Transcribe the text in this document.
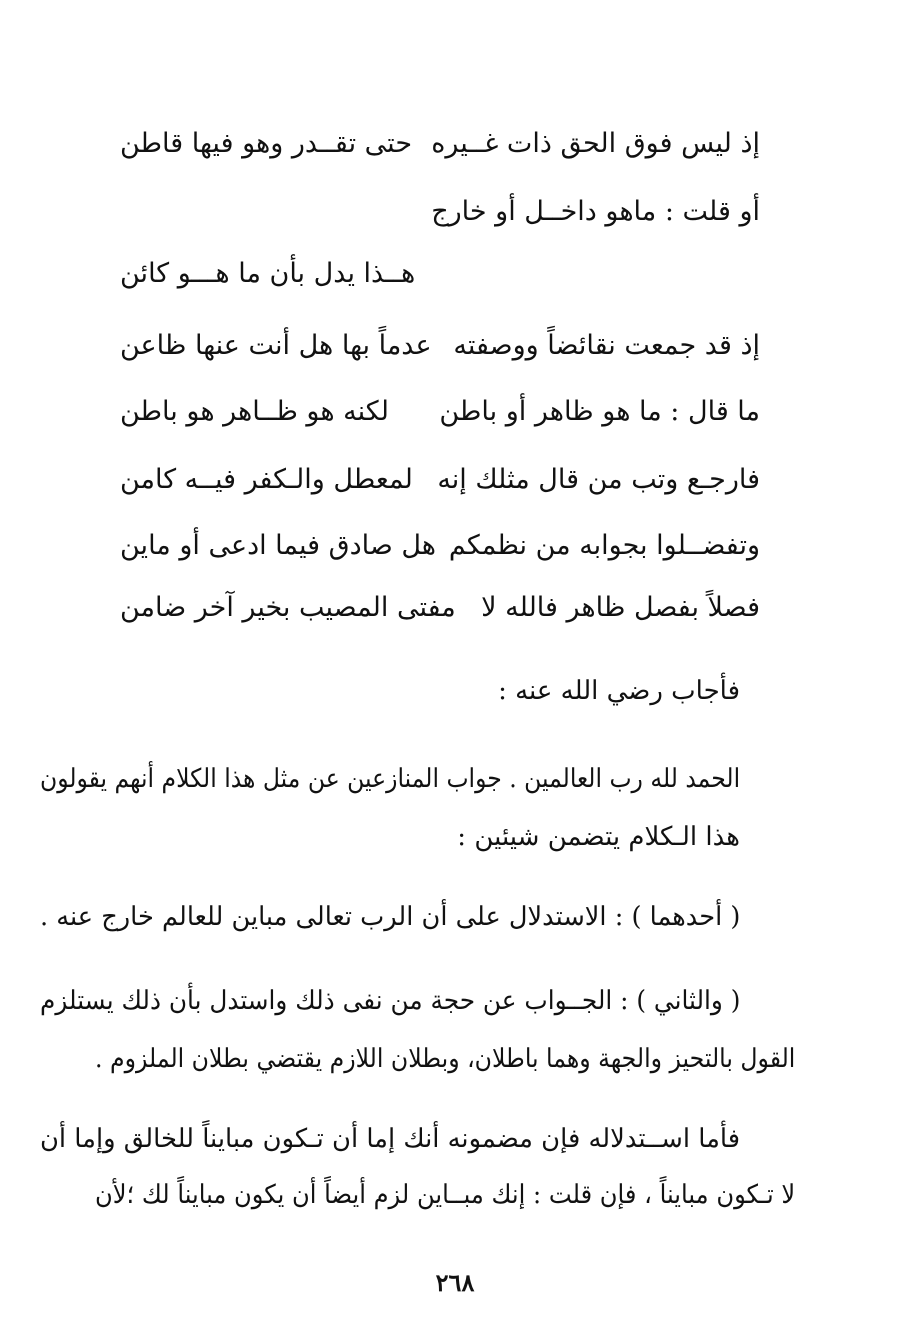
إذ ليس فوق الحق ذات غــيره
حتى تقــدر وهو فيها قاطن
أو قلت : ماهو داخــل أو خارج
هــذا يدل بأن ما هـــو كائن
إذ قد جمعت نقائضاً ووصفته
عدماً بها هل أنت عنها ظاعن
ما قال : ما هو ظاهر أو باطن
لكنه هو ظــاهر هو باطن
فارجـع وتب من قال مثلك إنه
لمعطل والـكفر فيــه كامن
وتفضــلوا بجوابه من نظمكم
هل صادق فيما ادعى أو ماين
فصلاً بفصل ظاهر فالله لا
مفتى المصيب بخير آخر ضامن
فأجاب رضي الله عنه :
الحمد لله رب العالمين . جواب المنازعين عن مثل هذا الكلام أنهم يقولون
هذا الـكلام يتضمن شيئين :
( أحدهما ) : الاستدلال على أن الرب تعالى مباين للعالم خارج عنه .
( والثاني ) : الجــواب عن حجة من نفى ذلك واستدل بأن ذلك يستلزم
القول بالتحيز والجهة وهما باطلان، وبطلان اللازم يقتضي بطلان الملزوم .
فأما اســتدلاله فإن مضمونه أنك إما أن تـكون مبايناً للخالق وإما أن
لا تـكون مبايناً ، فإن قلت : إنك مبــاين لزم أيضاً أن يكون مبايناً لك ؛لأن
٢٦٨
